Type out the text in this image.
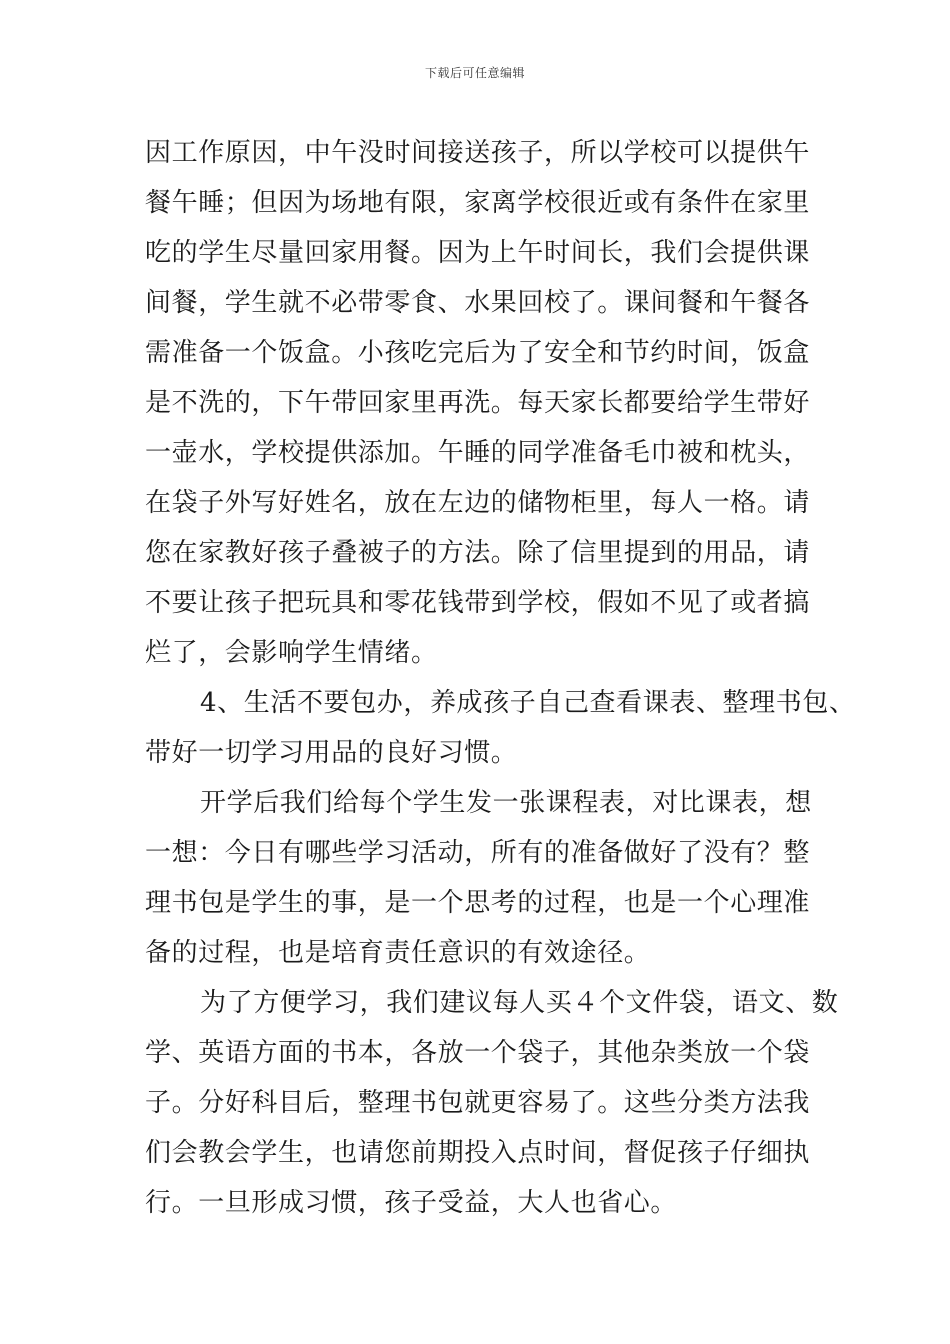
下载后可任意编辑
因工作原因，中午没时间接送孩子，所以学校可以提供午
餐午睡；但因为场地有限，家离学校很近或有条件在家里
吃的学生尽量回家用餐。因为上午时间长，我们会提供课
间餐，学生就不必带零食、水果回校了。课间餐和午餐各
需准备一个饭盒。小孩吃完后为了安全和节约时间，饭盒
是不洗的，下午带回家里再洗。每天家长都要给学生带好
一壶水，学校提供添加。午睡的同学准备毛巾被和枕头，
在袋子外写好姓名，放在左边的储物柜里，每人一格。请
您在家教好孩子叠被子的方法。除了信里提到的用品，请
不要让孩子把玩具和零花钱带到学校，假如不见了或者搞
烂了，会影响学生情绪。
4、生活不要包办，养成孩子自己查看课表、整理书包、
带好一切学习用品的良好习惯。
开学后我们给每个学生发一张课程表，对比课表，想
一想：今日有哪些学习活动，所有的准备做好了没有？整
理书包是学生的事，是一个思考的过程，也是一个心理准
备的过程，也是培育责任意识的有效途径。
为了方便学习，我们建议每人买４个文件袋，语文、数
学、英语方面的书本，各放一个袋子，其他杂类放一个袋
子。分好科目后，整理书包就更容易了。这些分类方法我
们会教会学生，也请您前期投入点时间，督促孩子仔细执
行。一旦形成习惯，孩子受益，大人也省心。
